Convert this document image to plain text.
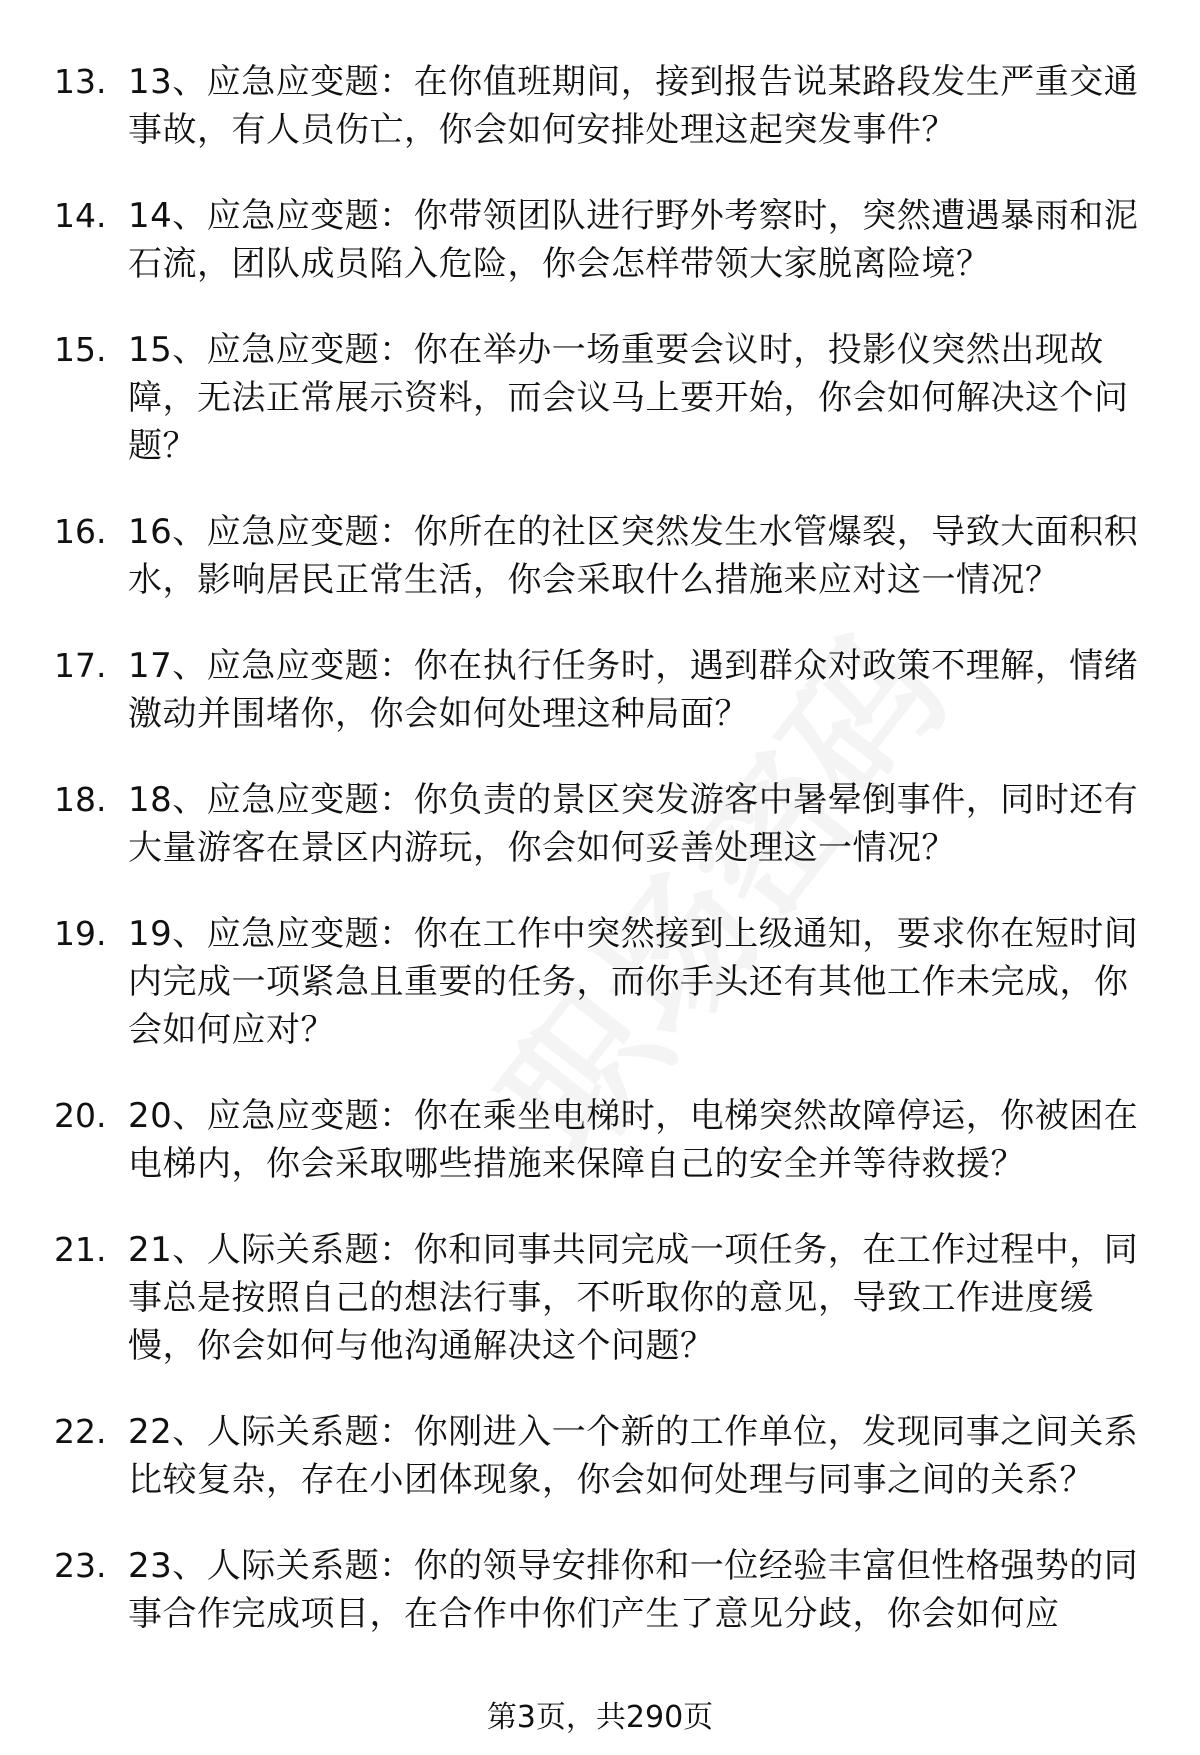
13. 13、应急应变题：在你值班期间，接到报告说某路段发生严重交通事故，有人员伤亡，你会如何安排处理这起突发事件？
14. 14、应急应变题：你带领团队进行野外考察时，突然遭遇暴雨和泥石流，团队成员陷入危险，你会怎样带领大家脱离险境？
15. 15、应急应变题：你在举办一场重要会议时，投影仪突然出现故障，无法正常展示资料，而会议马上要开始，你会如何解决这个问题？
16. 16、应急应变题：你所在的社区突然发生水管爆裂，导致大面积积水，影响居民正常生活，你会采取什么措施来应对这一情况？
17. 17、应急应变题：你在执行任务时，遇到群众对政策不理解，情绪激动并围堵你，你会如何处理这种局面？
18. 18、应急应变题：你负责的景区突发游客中暑晕倒事件，同时还有大量游客在景区内游玩，你会如何妥善处理这一情况？
19. 19、应急应变题：你在工作中突然接到上级通知，要求你在短时间内完成一项紧急且重要的任务，而你手头还有其他工作未完成，你会如何应对？
20. 20、应急应变题：你在乘坐电梯时，电梯突然故障停运，你被困在电梯内，你会采取哪些措施来保障自己的安全并等待救援？
21. 21、人际关系题：你和同事共同完成一项任务，在工作过程中，同事总是按照自己的想法行事，不听取你的意见，导致工作进度缓慢，你会如何与他沟通解决这个问题？
22. 22、人际关系题：你刚进入一个新的工作单位，发现同事之间关系比较复杂，存在小团体现象，你会如何处理与同事之间的关系？
23. 23、人际关系题：你的领导安排你和一位经验丰富但性格强势的同事合作完成项目，在合作中你们产生了意见分歧，你会如何应
第3页，共290页
